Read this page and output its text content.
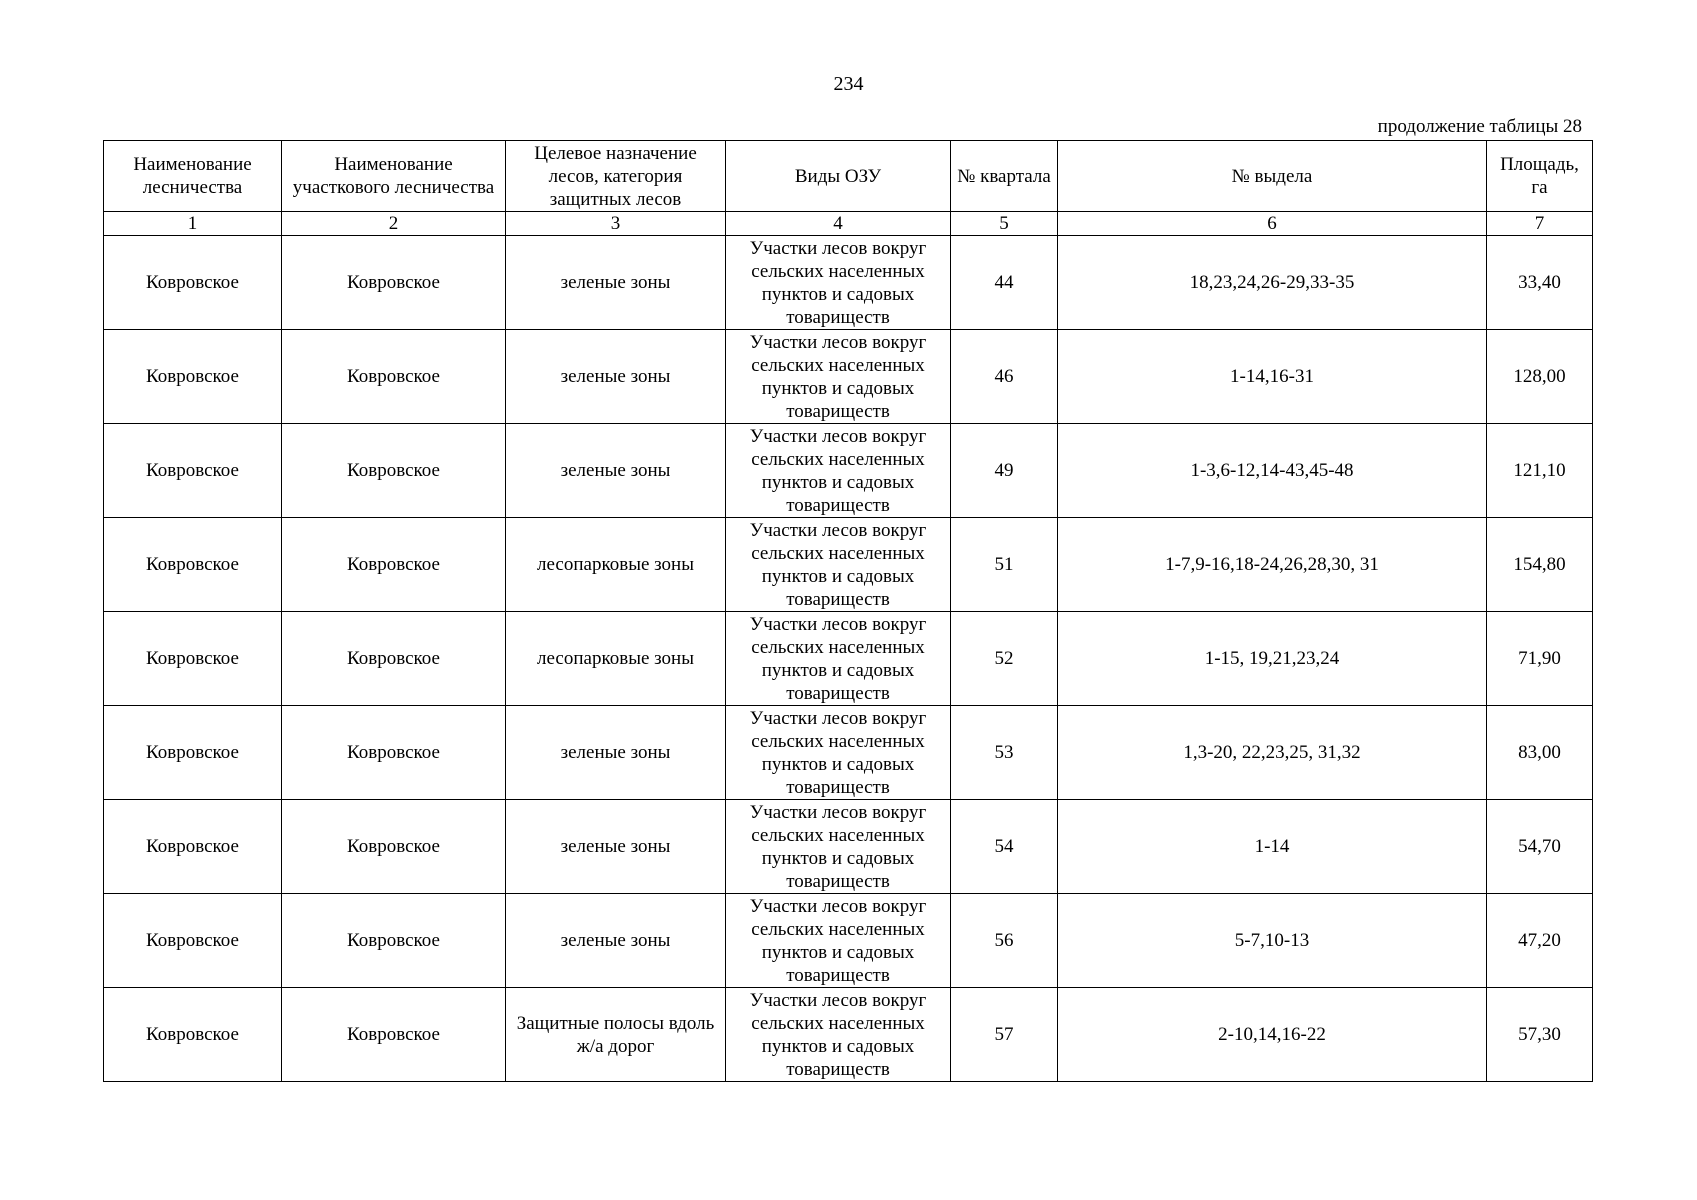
234
продолжение таблицы 28
Наименование лесничества	Наименование участкового лесничества	Целевое назначение лесов, категория защитных лесов	Виды ОЗУ	№ квартала	№ выдела	Площадь, га
1	2	3	4	5	6	7
Ковровское	Ковровское	зеленые зоны	Участки лесов вокруг сельских населенных пунктов и садовых товариществ	44	18,23,24,26-29,33-35	33,40
Ковровское	Ковровское	зеленые зоны	Участки лесов вокруг сельских населенных пунктов и садовых товариществ	46	1-14,16-31	128,00
Ковровское	Ковровское	зеленые зоны	Участки лесов вокруг сельских населенных пунктов и садовых товариществ	49	1-3,6-12,14-43,45-48	121,10
Ковровское	Ковровское	лесопарковые зоны	Участки лесов вокруг сельских населенных пунктов и садовых товариществ	51	1-7,9-16,18-24,26,28,30, 31	154,80
Ковровское	Ковровское	лесопарковые зоны	Участки лесов вокруг сельских населенных пунктов и садовых товариществ	52	1-15, 19,21,23,24	71,90
Ковровское	Ковровское	зеленые зоны	Участки лесов вокруг сельских населенных пунктов и садовых товариществ	53	1,3-20, 22,23,25, 31,32	83,00
Ковровское	Ковровское	зеленые зоны	Участки лесов вокруг сельских населенных пунктов и садовых товариществ	54	1-14	54,70
Ковровское	Ковровское	зеленые зоны	Участки лесов вокруг сельских населенных пунктов и садовых товариществ	56	5-7,10-13	47,20
Ковровское	Ковровское	Защитные полосы вдоль ж/а дорог	Участки лесов вокруг сельских населенных пунктов и садовых товариществ	57	2-10,14,16-22	57,30
